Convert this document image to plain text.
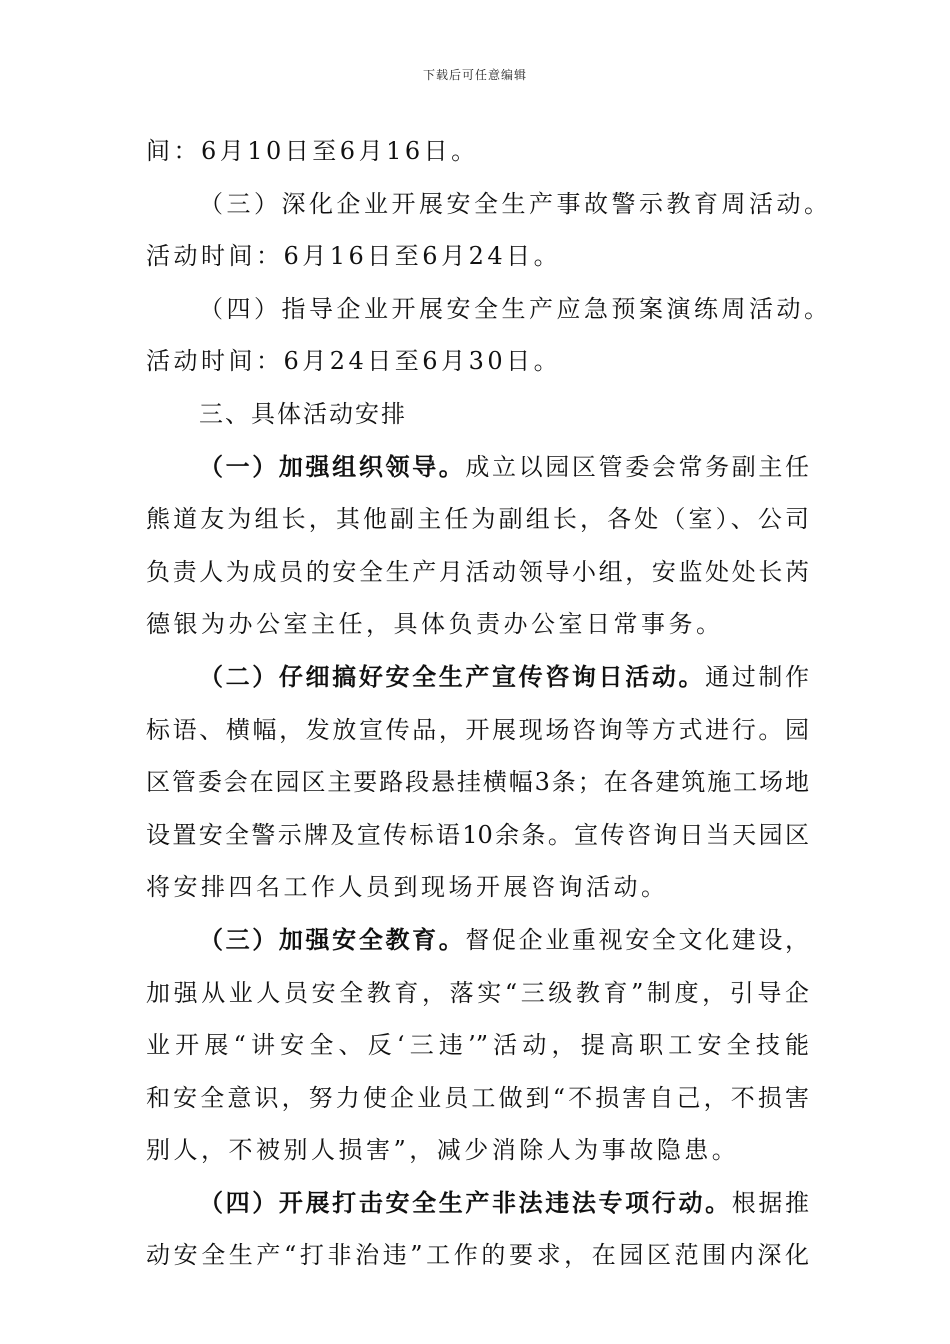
下载后可任意编辑
间：6月10日至6月16日。
（三）深化企业开展安全生产事故警示教育周活动。
活动时间：6月16日至6月24日。
（四）指导企业开展安全生产应急预案演练周活动。
活动时间：6月24日至6月30日。
三、具体活动安排
（一）加强组织领导。成立以园区管委会常务副主任
熊道友为组长，其他副主任为副组长，各处（室）、公司
负责人为成员的安全生产月活动领导小组，安监处处长芮
德银为办公室主任，具体负责办公室日常事务。
（二）仔细搞好安全生产宣传咨询日活动。通过制作
标语、横幅，发放宣传品，开展现场咨询等方式进行。园
区管委会在园区主要路段悬挂横幅3条；在各建筑施工场地
设置安全警示牌及宣传标语10余条。宣传咨询日当天园区
将安排四名工作人员到现场开展咨询活动。
（三）加强安全教育。督促企业重视安全文化建设，
加强从业人员安全教育，落实“三级教育”制度，引导企
业开展“讲安全、反‘三违’”活动，提高职工安全技能
和安全意识，努力使企业员工做到“不损害自己，不损害
别人，不被别人损害”，减少消除人为事故隐患。
（四）开展打击安全生产非法违法专项行动。根据推
动安全生产“打非治违”工作的要求，在园区范围内深化
